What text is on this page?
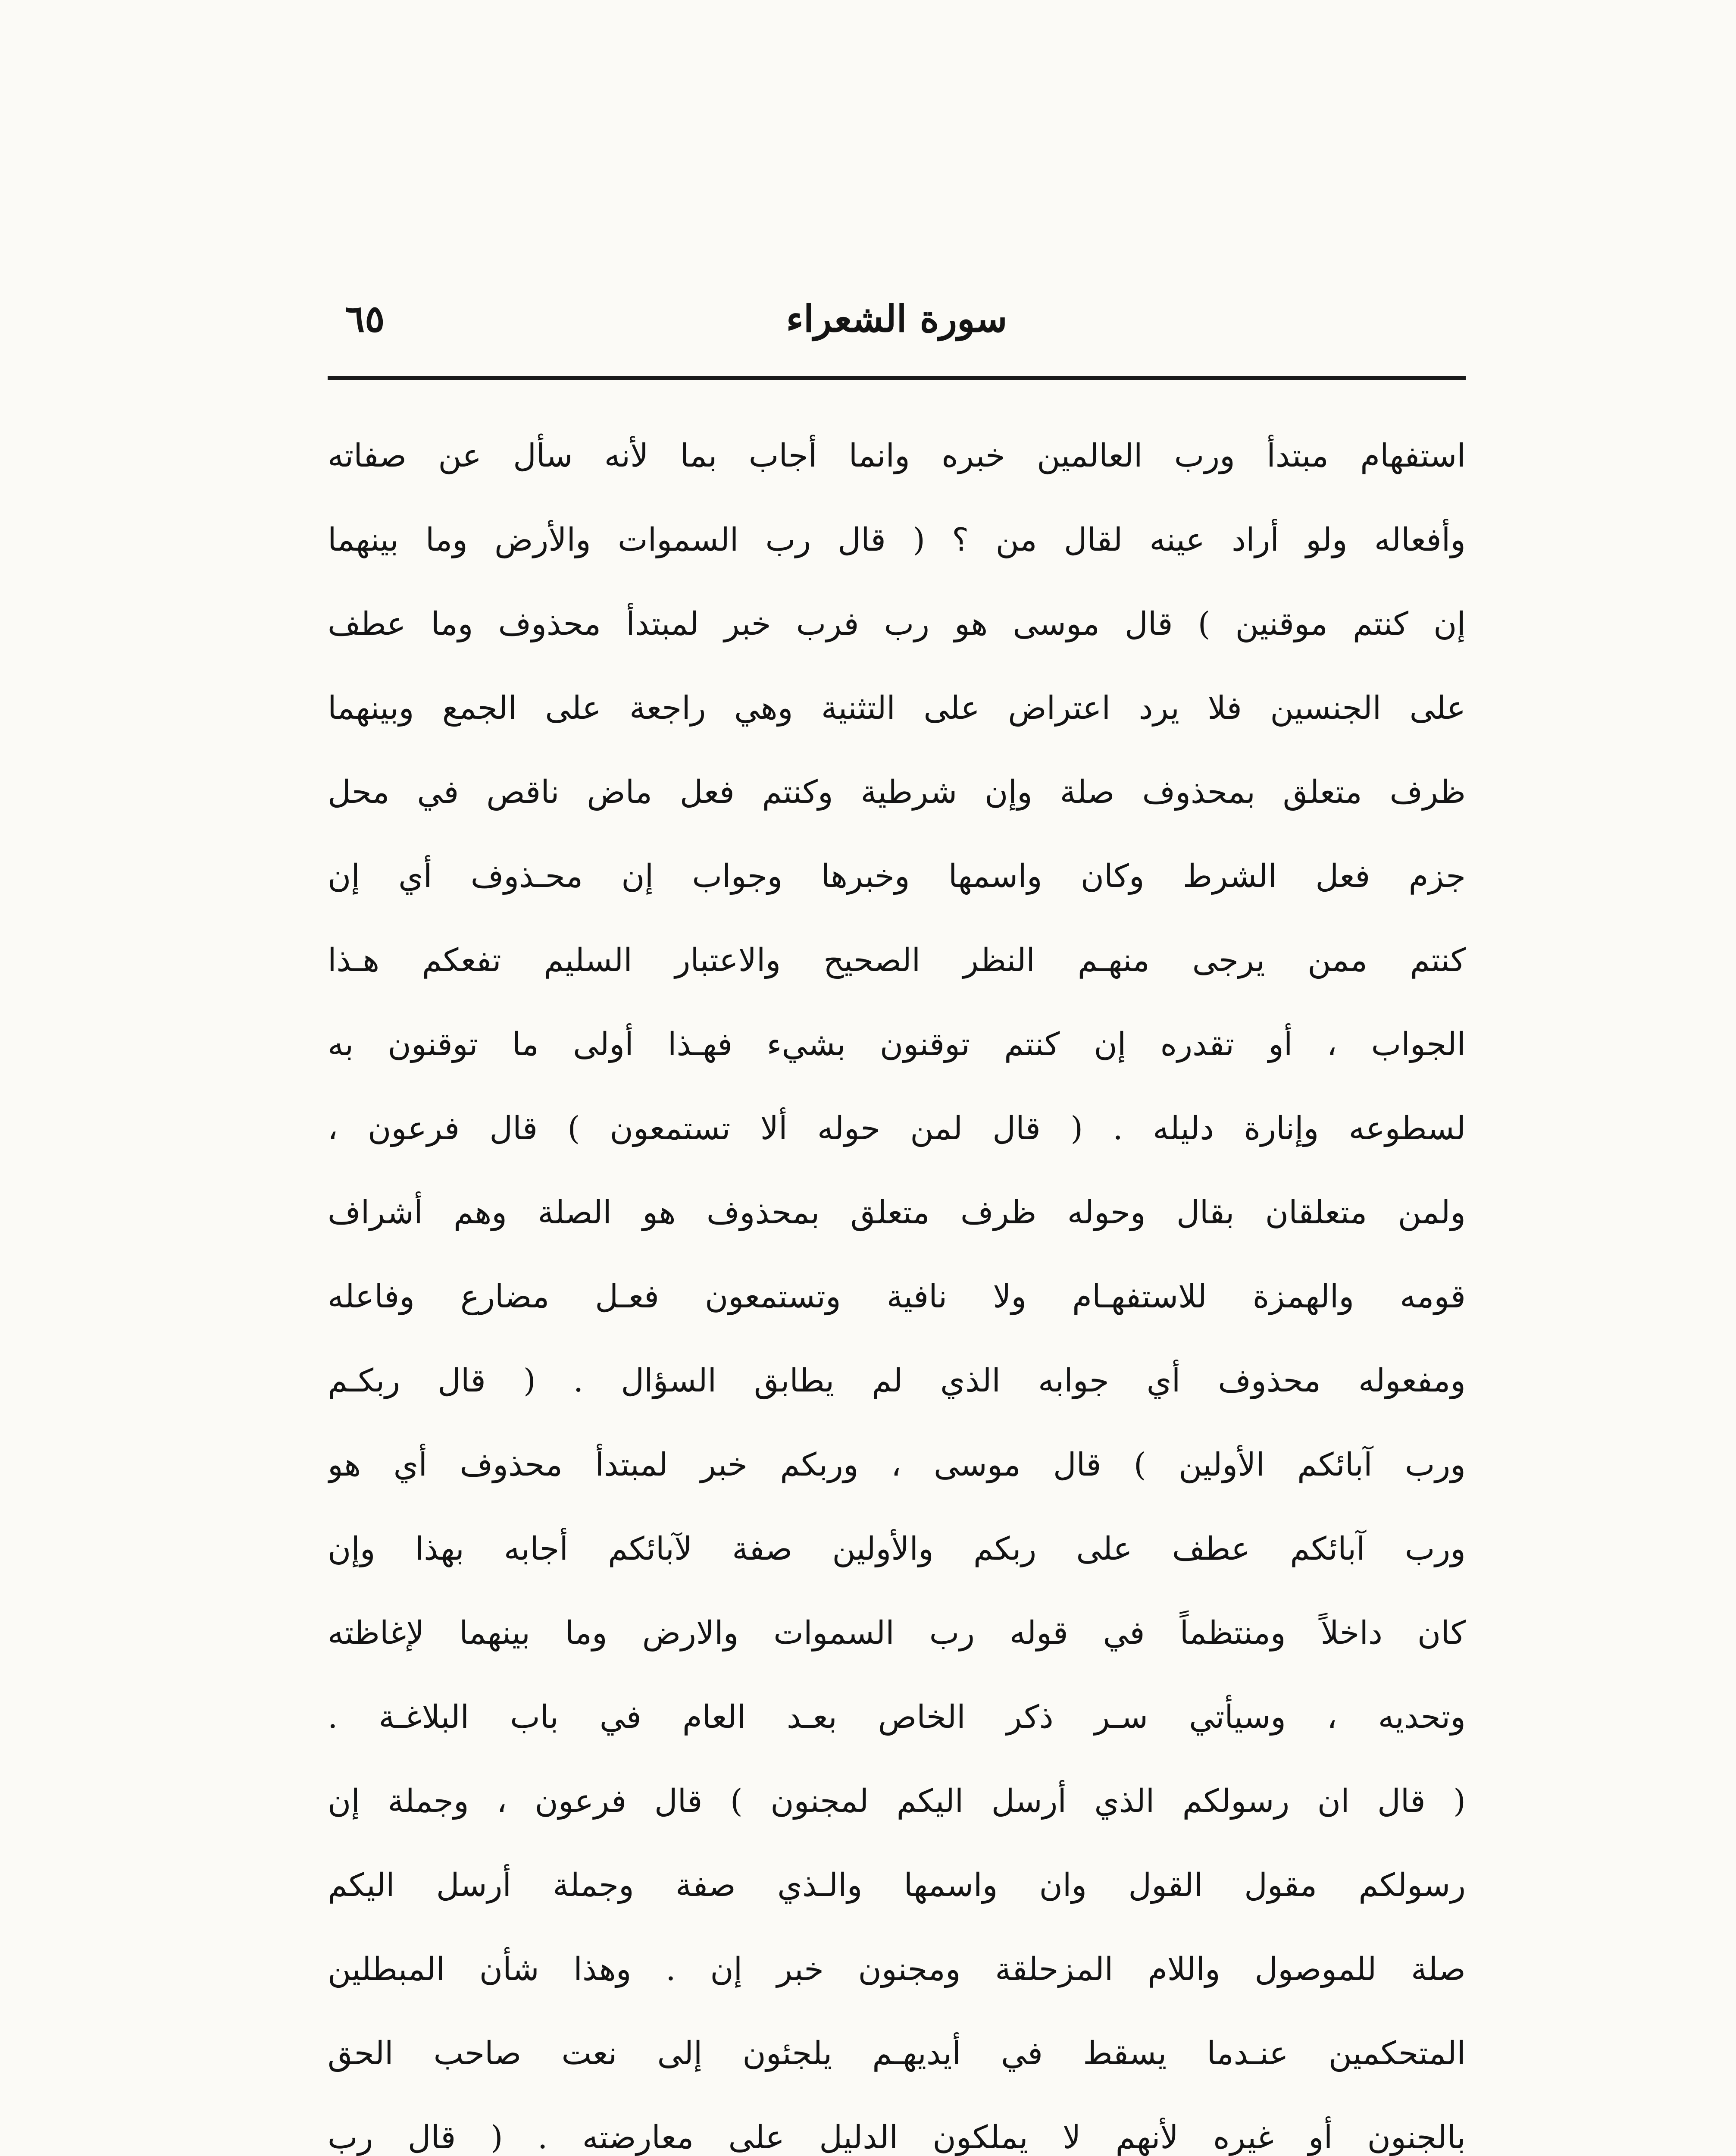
سورة الشعراء
٦٥
استفهام مبتدأ ورب العالمين خبره وانما أجاب بما لأنه سأل عن صفاته
وأفعاله ولو أراد عينه لقال من ؟ ( قال رب السموات والأرض وما بينهما
إن كنتم موقنين ) قال موسى هو رب فرب خبر لمبتدأ محذوف وما عطف
على الجنسين فلا يرد اعتراض على التثنية وهي راجعة على الجمع وبينهما
ظرف متعلق بمحذوف صلة وإن شرطية وكنتم فعل ماض ناقص في محل
جزم فعل الشرط وكان واسمها وخبرها وجواب إن محـذوف أي إن
كنتم ممن يرجى منهـم النظر الصحيح والاعتبار السليم تفعكم هـذا
الجواب ، أو تقدره إن كنتم توقنون بشيء فهـذا أولى ما توقنون به
لسطوعه وإنارة دليله . ( قال لمن حوله ألا تستمعون ) قال فرعون ،
ولمن متعلقان بقال وحوله ظرف متعلق بمحذوف هو الصلة وهم أشراف
قومه والهمزة للاستفهـام ولا نافية وتستمعون فعـل مضارع وفاعله
ومفعوله محذوف أي جوابه الذي لم يطابق السؤال . ( قال ربكـم
ورب آبائكم الأولين ) قال موسى ، وربكم خبر لمبتدأ محذوف أي هو
ورب آبائكم عطف على ربكم والأولين صفة لآبائكم أجابه بهذا وإن
كان داخلاً ومنتظماً في قوله رب السموات والارض وما بينهما لإغاظته
وتحديه ، وسيأتي سـر ذكر الخاص بعـد العام في باب البلاغـة .
( قال ان رسولكم الذي أرسل اليكم لمجنون ) قال فرعون ، وجملة إن
رسولكم مقول القول وان واسمها والـذي صفة وجملة أرسل اليكم
صلة للموصول واللام المزحلقة ومجنون خبر إن . وهذا شأن المبطلين
المتحكمين عنـدما يسقط في أيديهـم يلجئون إلى نعت صاحب الحق
بالجنون أو غيره لأنهم لا يملكون الدليل على معارضته . ( قال رب
